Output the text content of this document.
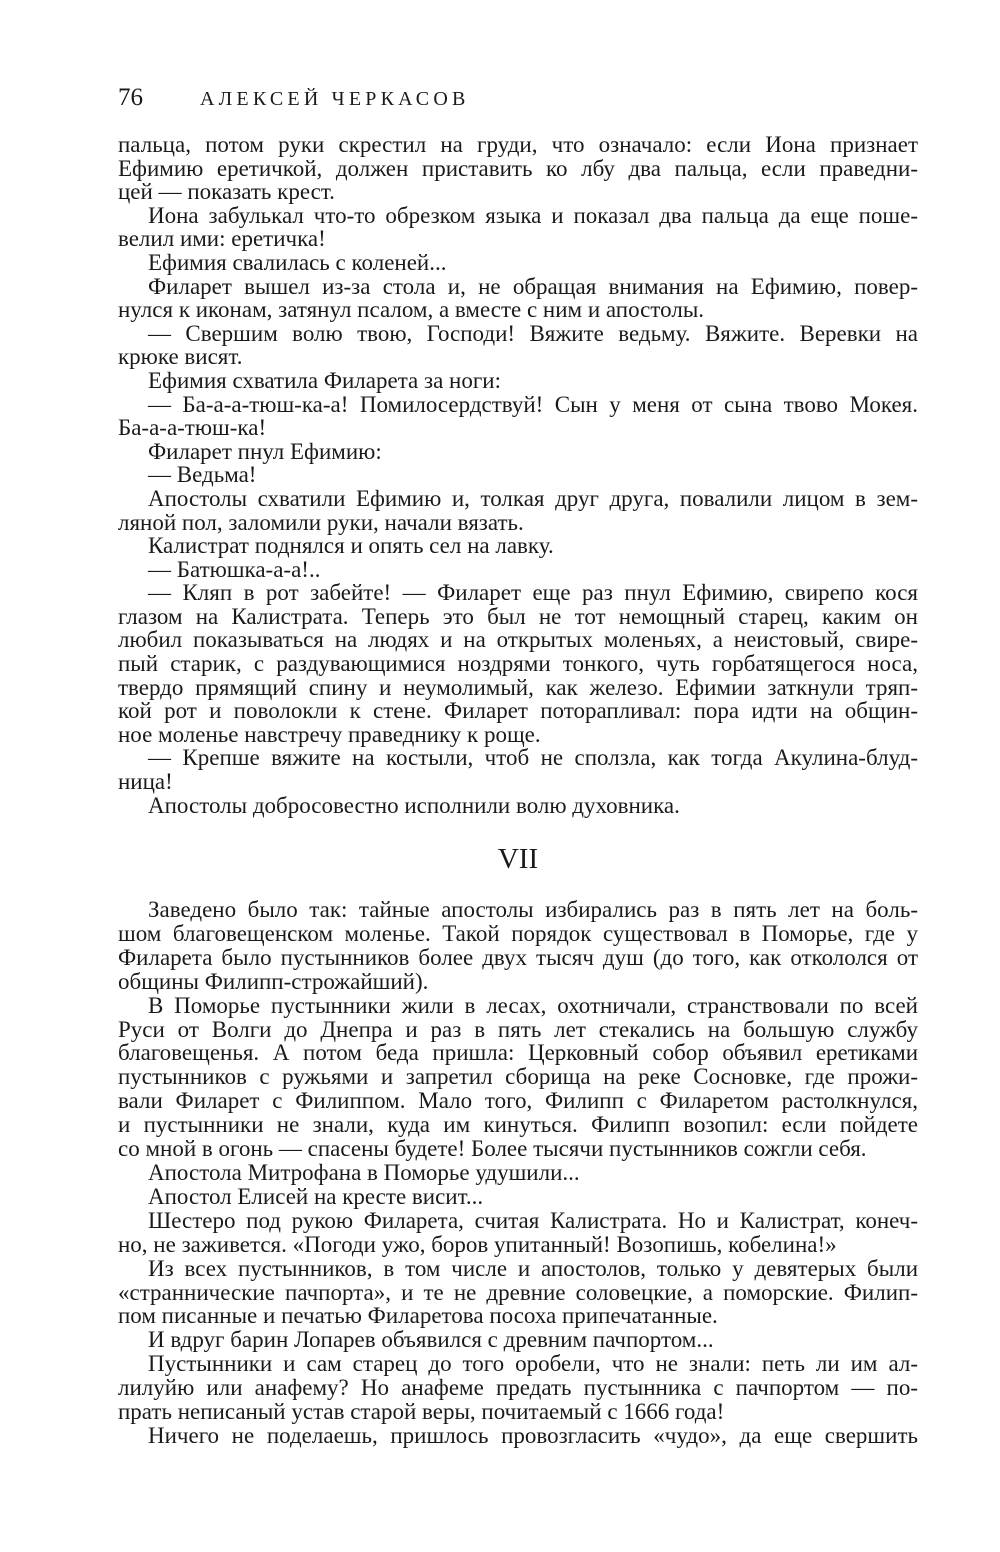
76	АЛЕКСЕЙ ЧЕРКАСОВ
пальца, потом руки скрестил на груди, что означало: если Иона признает
Ефимию еретичкой, должен приставить ко лбу два пальца, если праведни-
цей — показать крест.
Иона забулькал что-то обрезком языка и показал два пальца да еще поше-
велил ими: еретичка!
Ефимия свалилась с коленей...
Филарет вышел из-за стола и, не обращая внимания на Ефимию, повер-
нулся к иконам, затянул псалом, а вместе с ним и апостолы.
— Свершим волю твою, Господи! Вяжите ведьму. Вяжите. Веревки на
крюке висят.
Ефимия схватила Филарета за ноги:
— Ба-а-а-тюш-ка-а! Помилосердствуй! Сын у меня от сына твово Мокея.
Ба-а-а-тюш-ка!
Филарет пнул Ефимию:
— Ведьма!
Апостолы схватили Ефимию и, толкая друг друга, повалили лицом в зем-
ляной пол, заломили руки, начали вязать.
Калистрат поднялся и опять сел на лавку.
— Батюшка-а-а!..
— Кляп в рот забейте! — Филарет еще раз пнул Ефимию, свирепо кося
глазом на Калистрата. Теперь это был не тот немощный старец, каким он
любил показываться на людях и на открытых моленьях, а неистовый, свире-
пый старик, с раздувающимися ноздрями тонкого, чуть горбатящегося носа,
твердо прямящий спину и неумолимый, как железо. Ефимии заткнули тряп-
кой рот и поволокли к стене. Филарет поторапливал: пора идти на общин-
ное моленье навстречу праведнику к роще.
— Крепше вяжите на костыли, чтоб не сползла, как тогда Акулина-блуд-
ница!
Апостолы добросовестно исполнили волю духовника.
VII
Заведено было так: тайные апостолы избирались раз в пять лет на боль-
шом благовещенском моленье. Такой порядок существовал в Поморье, где у
Филарета было пустынников более двух тысяч душ (до того, как откололся от
общины Филипп-строжайший).
В Поморье пустынники жили в лесах, охотничали, странствовали по всей
Руси от Волги до Днепра и раз в пять лет стекались на большую службу
благовещенья. А потом беда пришла: Церковный собор объявил еретиками
пустынников с ружьями и запретил сборища на реке Сосновке, где прожи-
вали Филарет с Филиппом. Мало того, Филипп с Филаретом растолкнулся,
и пустынники не знали, куда им кинуться. Филипп возопил: если пойдете
со мной в огонь — спасены будете! Более тысячи пустынников сожгли себя.
Апостола Митрофана в Поморье удушили...
Апостол Елисей на кресте висит...
Шестеро под рукою Филарета, считая Калистрата. Но и Калистрат, конеч-
но, не заживется. «Погоди ужо, боров упитанный! Возопишь, кобелина!»
Из всех пустынников, в том числе и апостолов, только у девятерых были
«страннические пачпорта», и те не древние соловецкие, а поморские. Филип-
пом писанные и печатью Филаретова посоха припечатанные.
И вдруг барин Лопарев объявился с древним пачпортом...
Пустынники и сам старец до того оробели, что не знали: петь ли им ал-
лилуйю или анафему? Но анафеме предать пустынника с пачпортом — по-
прать неписаный устав старой веры, почитаемый с 1666 года!
Ничего не поделаешь, пришлось провозгласить «чудо», да еще свершить
